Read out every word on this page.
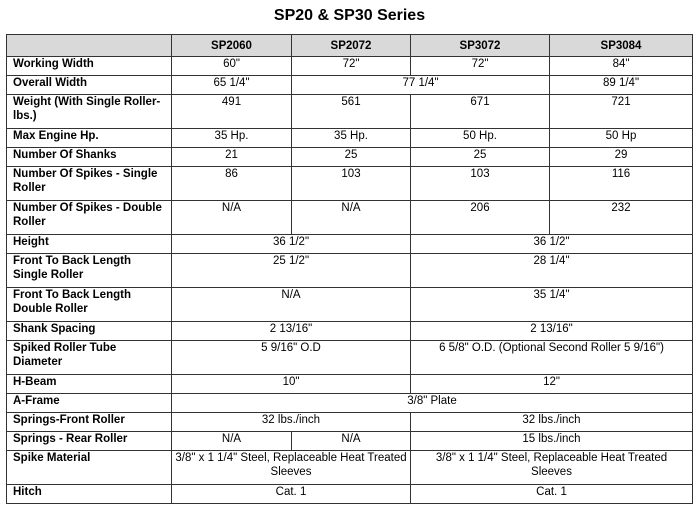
SP20 & SP30 Series
	SP2060	SP2072	SP3072	SP3084
Working Width	60"	72"	72"	84"
Overall Width	65 1/4"	77 1/4"		89 1/4"
Weight (With Single Roller- lbs.)	491	561	671	721
Max Engine Hp.	35 Hp.	35 Hp.	50 Hp.	50 Hp
Number Of Shanks	21	25	25	29
Number Of Spikes - Single Roller	86	103	103	116
Number Of Spikes - Double Roller	N/A	N/A	206	232
Height	36 1/2"		36 1/2"	
Front To Back Length Single Roller	25 1/2"		28 1/4"	
Front To Back Length Double Roller	N/A		35 1/4"	
Shank Spacing	2 13/16"		2 13/16"	
Spiked Roller Tube Diameter	5 9/16" O.D		6 5/8" O.D. (Optional Second Roller 5 9/16")	
H-Beam	10"		12"	
A-Frame	3/8" Plate			
Springs-Front Roller	32 lbs./inch		32 lbs./inch	
Springs - Rear Roller	N/A	N/A	15 lbs./inch	
Spike Material	3/8" x 1 1/4" Steel, Replaceable Heat Treated Sleeves		3/8" x 1 1/4" Steel, Replaceable Heat Treated Sleeves	
Hitch	Cat. 1		Cat. 1	
